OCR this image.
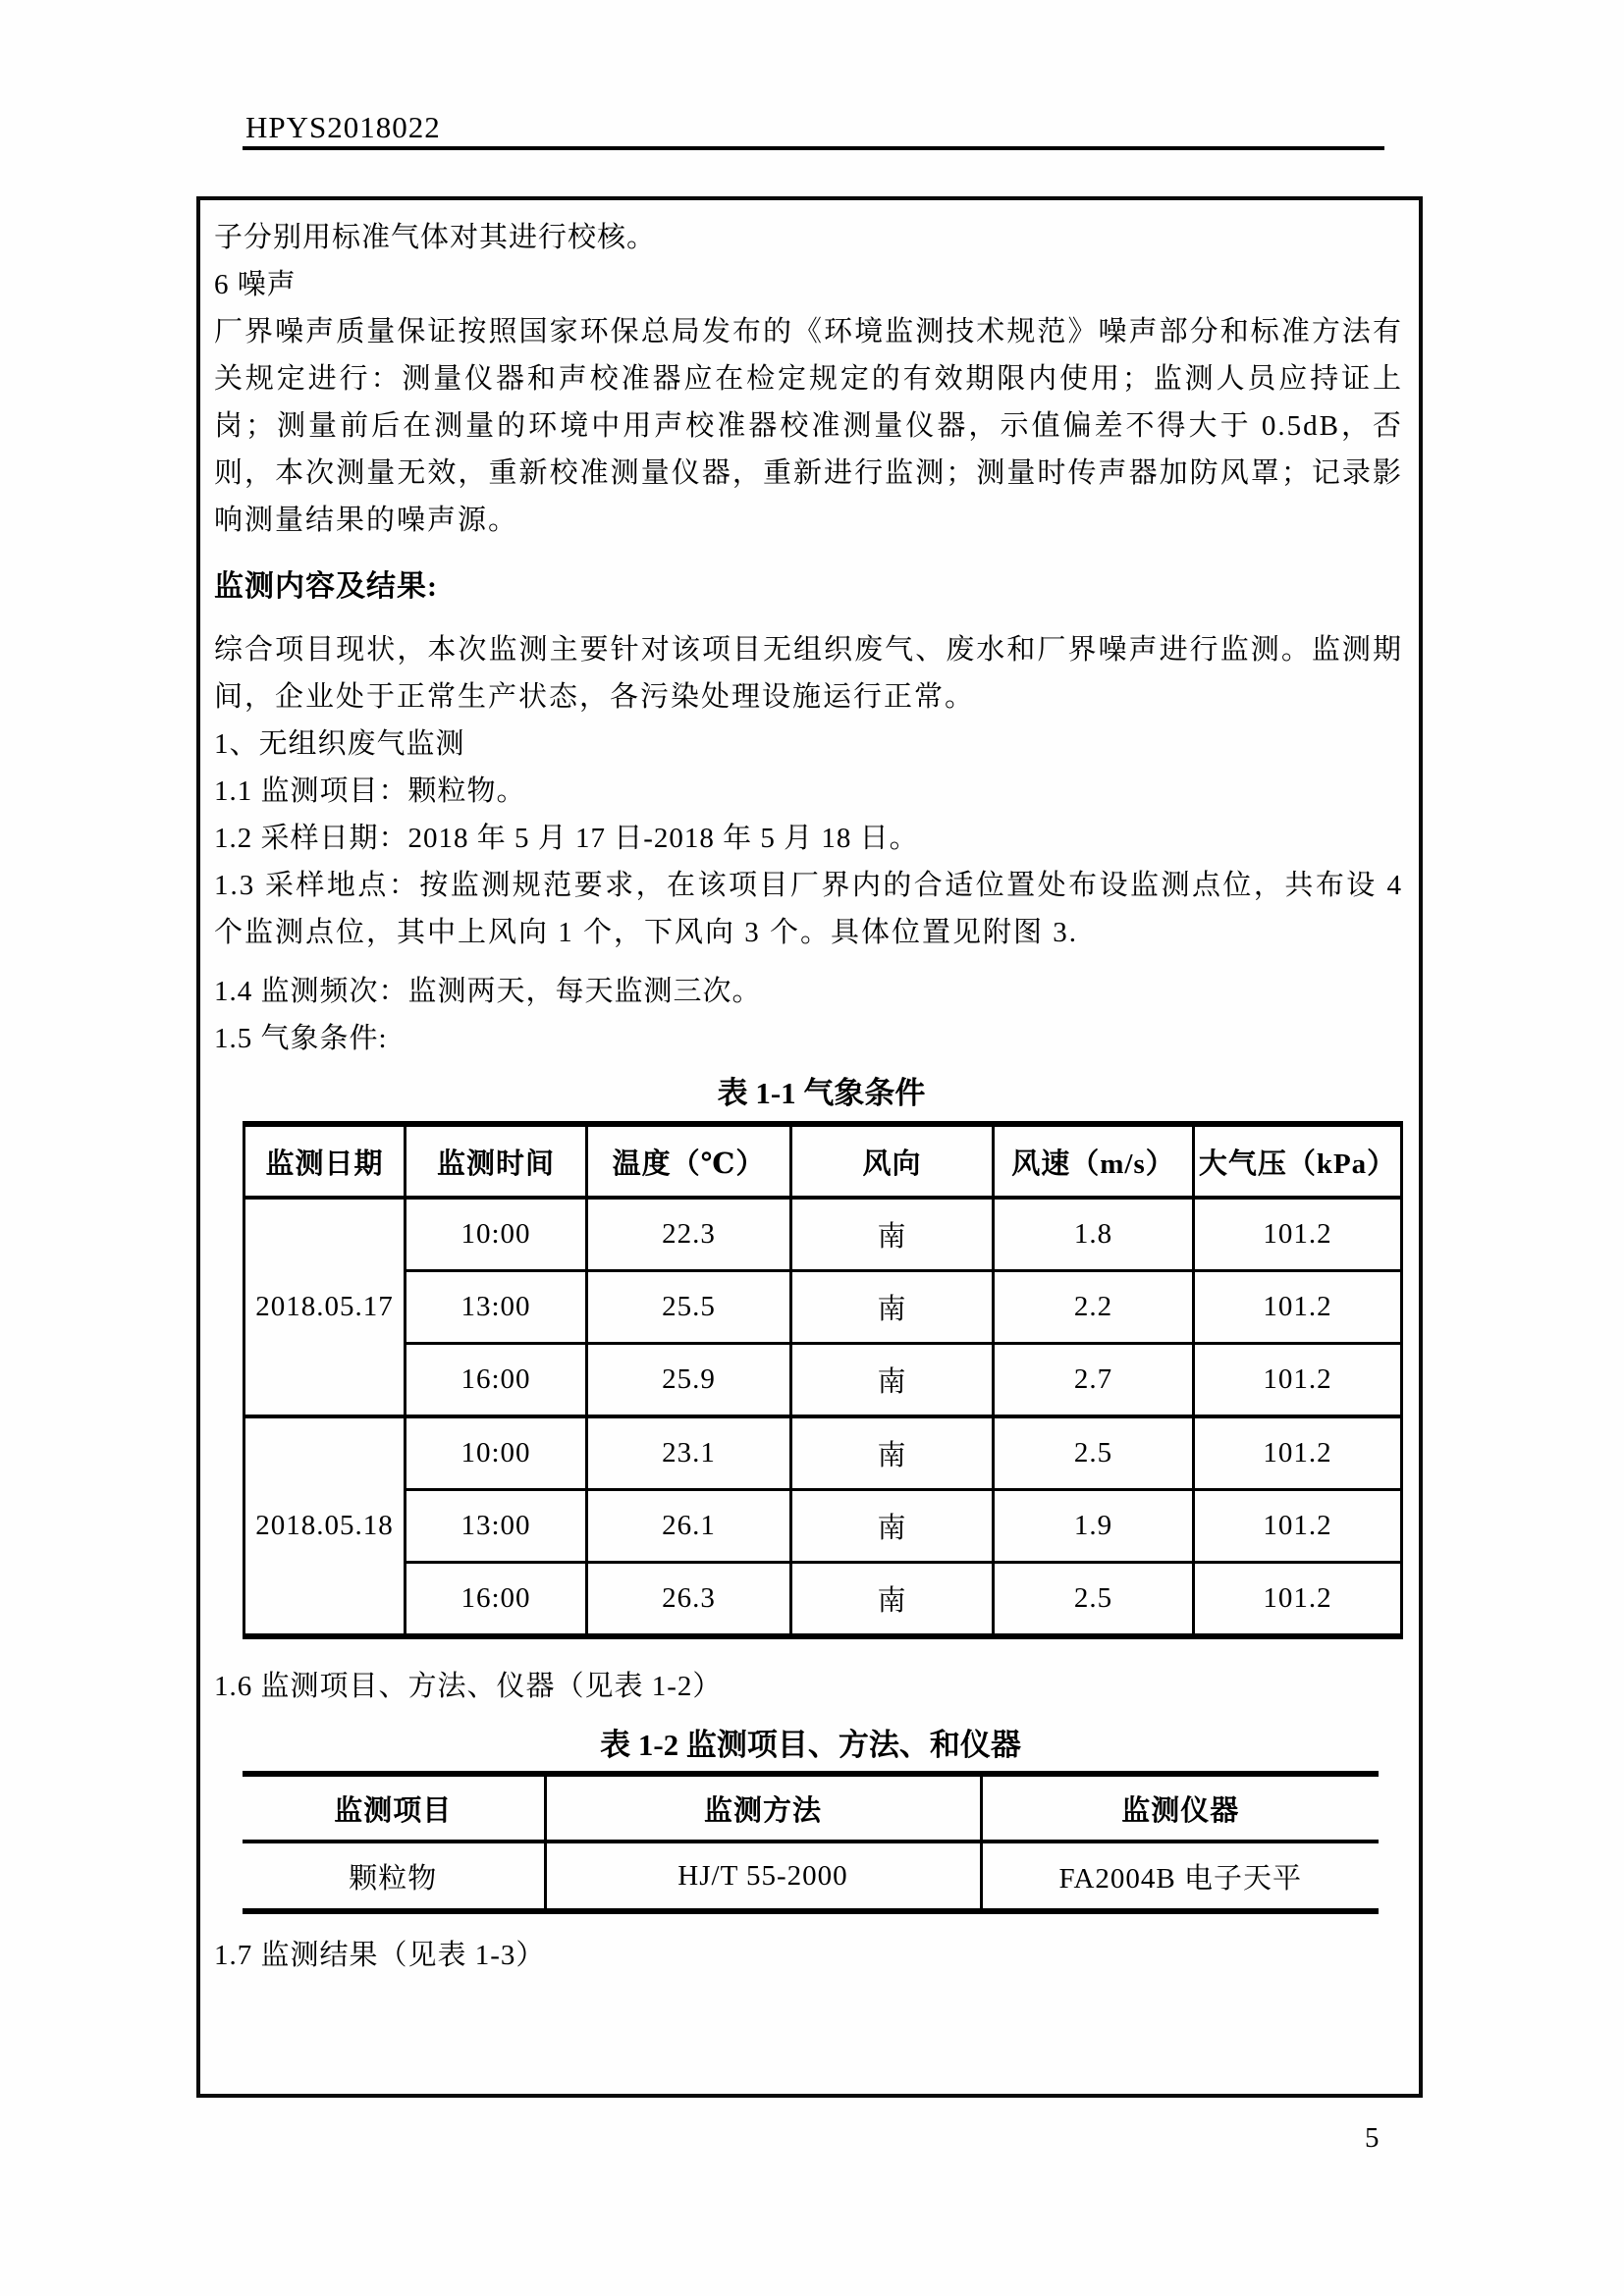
HPYS2018022

子分别用标准气体对其进行校核。

6 噪声

厂界噪声质量保证按照国家环保总局发布的《环境监测技术规范》噪声部分和标准方法有关规定进行：测量仪器和声校准器应在检定规定的有效期限内使用；监测人员应持证上岗；测量前后在测量的环境中用声校准器校准测量仪器，示值偏差不得大于 0.5dB，否则，本次测量无效，重新校准测量仪器，重新进行监测；测量时传声器加防风罩；记录影响测量结果的噪声源。

监测内容及结果:

综合项目现状，本次监测主要针对该项目无组织废气、废水和厂界噪声进行监测。监测期间，企业处于正常生产状态，各污染处理设施运行正常。

1、无组织废气监测

1.1 监测项目：颗粒物。

1.2 采样日期：2018 年 5 月 17 日-2018 年 5 月 18 日。

1.3 采样地点：按监测规范要求，在该项目厂界内的合适位置处布设监测点位，共布设 4 个监测点位，其中上风向 1 个，下风向 3 个。具体位置见附图 3.

1.4 监测频次：监测两天，每天监测三次。

1.5 气象条件:

表 1-1 气象条件
监测日期	监测时间	温度（℃）	风向	风速（m/s）	大气压（kPa）
2018.05.17	10:00	22.3	南	1.8	101.2
	13:00	25.5	南	2.2	101.2
	16:00	25.9	南	2.7	101.2
2018.05.18	10:00	23.1	南	2.5	101.2
	13:00	26.1	南	1.9	101.2
	16:00	26.3	南	2.5	101.2

1.6 监测项目、方法、仪器（见表 1-2）

表 1-2 监测项目、方法、和仪器
监测项目	监测方法	监测仪器
颗粒物	HJ/T 55-2000	FA2004B 电子天平

1.7 监测结果（见表 1-3）

5
